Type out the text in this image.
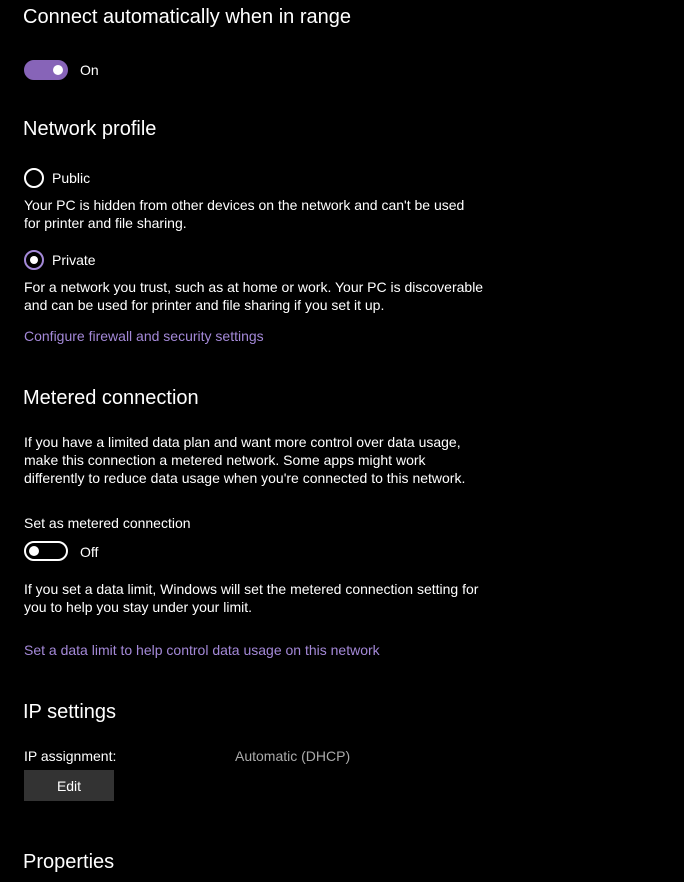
Connect automatically when in range
On
Network profile
Public

Your PC is hidden from other devices on the network and can't be used for printer and file sharing.

Private

For a network you trust, such as at home or work. Your PC is discoverable and can be used for printer and file sharing if you set it up.

Configure firewall and security settings
Metered connection

If you have a limited data plan and want more control over data usage, make this connection a metered network. Some apps might work differently to reduce data usage when you're connected to this network.

Set as metered connection
Off

If you set a data limit, Windows will set the metered connection setting for you to help you stay under your limit.

Set a data limit to help control data usage on this network
IP settings
IP assignment:	Automatic (DHCP)
Edit
Properties
